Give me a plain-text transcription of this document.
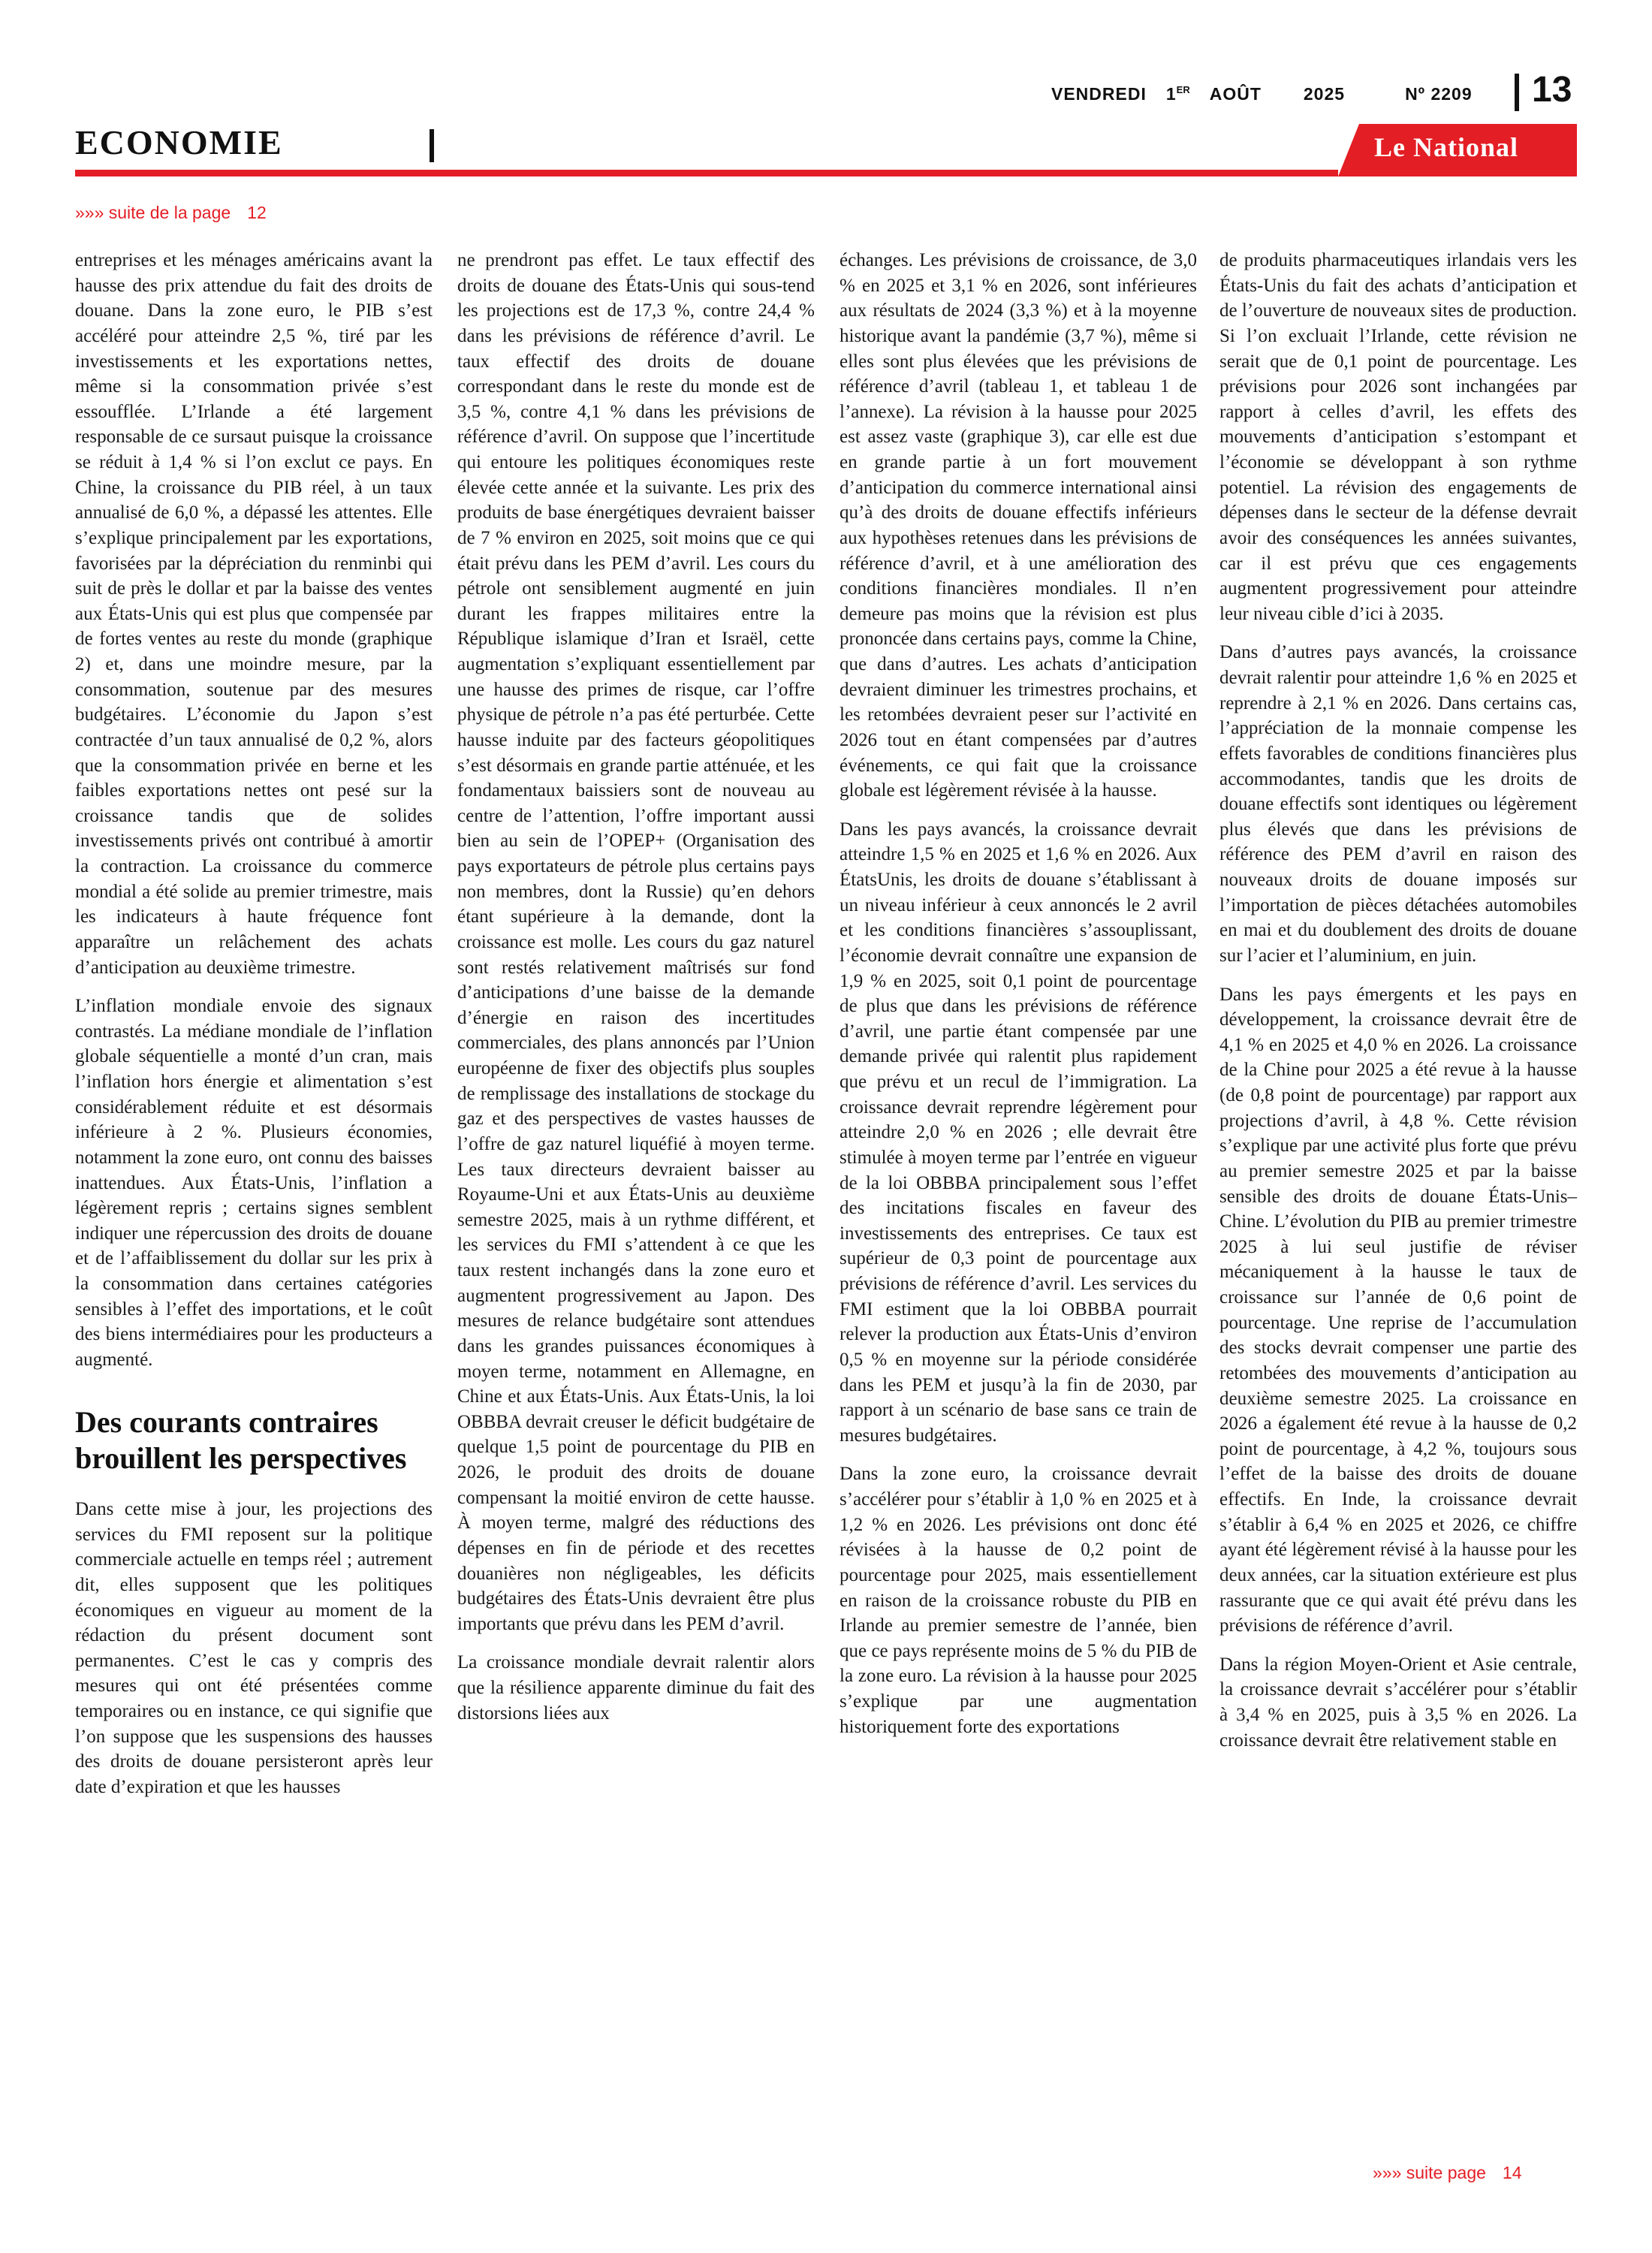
VENDREDI 1ER AOÛT 2025	Nº 2209 13
ECONOMIE	Le National
»»» suite de la page 12

entreprises et les ménages américains avant la hausse des prix attendue du fait des droits de douane. Dans la zone euro, le PIB s’est accéléré pour atteindre 2,5 %, tiré par les investissements et les exportations nettes, même si la consommation privée s’est essoufflée. L’Irlande a été largement responsable de ce sursaut puisque la croissance se réduit à 1,4 % si l’on exclut ce pays. En Chine, la croissance du PIB réel, à un taux annualisé de 6,0 %, a dépassé les attentes. Elle s’explique principalement par les exportations, favorisées par la dépréciation du renminbi qui suit de près le dollar et par la baisse des ventes aux États-Unis qui est plus que compensée par de fortes ventes au reste du monde (graphique 2) et, dans une moindre mesure, par la consommation, soutenue par des mesures budgétaires. L’économie du Japon s’est contractée d’un taux annualisé de 0,2 %, alors que la consommation privée en berne et les faibles exportations nettes ont pesé sur la croissance tandis que de solides investissements privés ont contribué à amortir la contraction. La croissance du commerce mondial a été solide au premier trimestre, mais les indicateurs à haute fréquence font apparaître un relâchement des achats d’anticipation au deuxième trimestre.

L’inflation mondiale envoie des signaux contrastés. La médiane mondiale de l’inflation globale séquentielle a monté d’un cran, mais l’inflation hors énergie et alimentation s’est considérablement réduite et est désormais inférieure à 2 %. Plusieurs économies, notamment la zone euro, ont connu des baisses inattendues. Aux États-Unis, l’inflation a légèrement repris ; certains signes semblent indiquer une répercussion des droits de douane et de l’affaiblissement du dollar sur les prix à la consommation dans certaines catégories sensibles à l’effet des importations, et le coût des biens intermédiaires pour les producteurs a augmenté.

Des courants contraires brouillent les perspectives

Dans cette mise à jour, les projections des services du FMI reposent sur la politique commerciale actuelle en temps réel ; autrement dit, elles supposent que les politiques économiques en vigueur au moment de la rédaction du présent document sont permanentes. C’est le cas y compris des mesures qui ont été présentées comme temporaires ou en instance, ce qui signifie que l’on suppose que les suspensions des hausses des droits de douane persisteront après leur date d’expiration et que les hausses

ne prendront pas effet. Le taux effectif des droits de douane des États-Unis qui sous-tend les projections est de 17,3 %, contre 24,4 % dans les prévisions de référence d’avril. Le taux effectif des droits de douane correspondant dans le reste du monde est de 3,5 %, contre 4,1 % dans les prévisions de référence d’avril. On suppose que l’incertitude qui entoure les politiques économiques reste élevée cette année et la suivante. Les prix des produits de base énergétiques devraient baisser de 7 % environ en 2025, soit moins que ce qui était prévu dans les PEM d’avril. Les cours du pétrole ont sensiblement augmenté en juin durant les frappes militaires entre la République islamique d’Iran et Israël, cette augmentation s’expliquant essentiellement par une hausse des primes de risque, car l’offre physique de pétrole n’a pas été perturbée. Cette hausse induite par des facteurs géopolitiques s’est désormais en grande partie atténuée, et les fondamentaux baissiers sont de nouveau au centre de l’attention, l’offre important aussi bien au sein de l’OPEP+ (Organisation des pays exportateurs de pétrole plus certains pays non membres, dont la Russie) qu’en dehors étant supérieure à la demande, dont la croissance est molle. Les cours du gaz naturel sont restés relativement maîtrisés sur fond d’anticipations d’une baisse de la demande d’énergie en raison des incertitudes commerciales, des plans annoncés par l’Union européenne de fixer des objectifs plus souples de remplissage des installations de stockage du gaz et des perspectives de vastes hausses de l’offre de gaz naturel liquéfié à moyen terme. Les taux directeurs devraient baisser au Royaume-Uni et aux États-Unis au deuxième semestre 2025, mais à un rythme différent, et les services du FMI s’attendent à ce que les taux restent inchangés dans la zone euro et augmentent progressivement au Japon. Des mesures de relance budgétaire sont attendues dans les grandes puissances économiques à moyen terme, notamment en Allemagne, en Chine et aux États-Unis. Aux États-Unis, la loi OBBBA devrait creuser le déficit budgétaire de quelque 1,5 point de pourcentage du PIB en 2026, le produit des droits de douane compensant la moitié environ de cette hausse. À moyen terme, malgré des réductions des dépenses en fin de période et des recettes douanières non négligeables, les déficits budgétaires des États-Unis devraient être plus importants que prévu dans les PEM d’avril.

La croissance mondiale devrait ralentir alors que la résilience apparente diminue du fait des distorsions liées aux

échanges. Les prévisions de croissance, de 3,0 % en 2025 et 3,1 % en 2026, sont inférieures aux résultats de 2024 (3,3 %) et à la moyenne historique avant la pandémie (3,7 %), même si elles sont plus élevées que les prévisions de référence d’avril (tableau 1, et tableau 1 de l’annexe). La révision à la hausse pour 2025 est assez vaste (graphique 3), car elle est due en grande partie à un fort mouvement d’anticipation du commerce international ainsi qu’à des droits de douane effectifs inférieurs aux hypothèses retenues dans les prévisions de référence d’avril, et à une amélioration des conditions financières mondiales. Il n’en demeure pas moins que la révision est plus prononcée dans certains pays, comme la Chine, que dans d’autres. Les achats d’anticipation devraient diminuer les trimestres prochains, et les retombées devraient peser sur l’activité en 2026 tout en étant compensées par d’autres événements, ce qui fait que la croissance globale est légèrement révisée à la hausse.

Dans les pays avancés, la croissance devrait atteindre 1,5 % en 2025 et 1,6 % en 2026. Aux ÉtatsUnis, les droits de douane s’établissant à un niveau inférieur à ceux annoncés le 2 avril et les conditions financières s’assouplissant, l’économie devrait connaître une expansion de 1,9 % en 2025, soit 0,1 point de pourcentage de plus que dans les prévisions de référence d’avril, une partie étant compensée par une demande privée qui ralentit plus rapidement que prévu et un recul de l’immigration. La croissance devrait reprendre légèrement pour atteindre 2,0 % en 2026 ; elle devrait être stimulée à moyen terme par l’entrée en vigueur de la loi OBBBA principalement sous l’effet des incitations fiscales en faveur des investissements des entreprises. Ce taux est supérieur de 0,3 point de pourcentage aux prévisions de référence d’avril. Les services du FMI estiment que la loi OBBBA pourrait relever la production aux États-Unis d’environ 0,5 % en moyenne sur la période considérée dans les PEM et jusqu’à la fin de 2030, par rapport à un scénario de base sans ce train de mesures budgétaires.

Dans la zone euro, la croissance devrait s’accélérer pour s’établir à 1,0 % en 2025 et à 1,2 % en 2026. Les prévisions ont donc été révisées à la hausse de 0,2 point de pourcentage pour 2025, mais essentiellement en raison de la croissance robuste du PIB en Irlande au premier semestre de l’année, bien que ce pays représente moins de 5 % du PIB de la zone euro. La révision à la hausse pour 2025 s’explique par une augmentation historiquement forte des exportations

de produits pharmaceutiques irlandais vers les États-Unis du fait des achats d’anticipation et de l’ouverture de nouveaux sites de production. Si l’on excluait l’Irlande, cette révision ne serait que de 0,1 point de pourcentage. Les prévisions pour 2026 sont inchangées par rapport à celles d’avril, les effets des mouvements d’anticipation s’estompant et l’économie se développant à son rythme potentiel. La révision des engagements de dépenses dans le secteur de la défense devrait avoir des conséquences les années suivantes, car il est prévu que ces engagements augmentent progressivement pour atteindre leur niveau cible d’ici à 2035.

Dans d’autres pays avancés, la croissance devrait ralentir pour atteindre 1,6 % en 2025 et reprendre à 2,1 % en 2026. Dans certains cas, l’appréciation de la monnaie compense les effets favorables de conditions financières plus accommodantes, tandis que les droits de douane effectifs sont identiques ou légèrement plus élevés que dans les prévisions de référence des PEM d’avril en raison des nouveaux droits de douane imposés sur l’importation de pièces détachées automobiles en mai et du doublement des droits de douane sur l’acier et l’aluminium, en juin.

Dans les pays émergents et les pays en développement, la croissance devrait être de 4,1 % en 2025 et 4,0 % en 2026. La croissance de la Chine pour 2025 a été revue à la hausse (de 0,8 point de pourcentage) par rapport aux projections d’avril, à 4,8 %. Cette révision s’explique par une activité plus forte que prévu au premier semestre 2025 et par la baisse sensible des droits de douane États-Unis–Chine. L’évolution du PIB au premier trimestre 2025 à lui seul justifie de réviser mécaniquement à la hausse le taux de croissance sur l’année de 0,6 point de pourcentage. Une reprise de l’accumulation des stocks devrait compenser une partie des retombées des mouvements d’anticipation au deuxième semestre 2025. La croissance en 2026 a également été revue à la hausse de 0,2 point de pourcentage, à 4,2 %, toujours sous l’effet de la baisse des droits de douane effectifs. En Inde, la croissance devrait s’établir à 6,4 % en 2025 et 2026, ce chiffre ayant été légèrement révisé à la hausse pour les deux années, car la situation extérieure est plus rassurante que ce qui avait été prévu dans les prévisions de référence d’avril.

Dans la région Moyen-Orient et Asie centrale, la croissance devrait s’accélérer pour s’établir à 3,4 % en 2025, puis à 3,5 % en 2026. La croissance devrait être relativement stable en

»»» suite page 14
